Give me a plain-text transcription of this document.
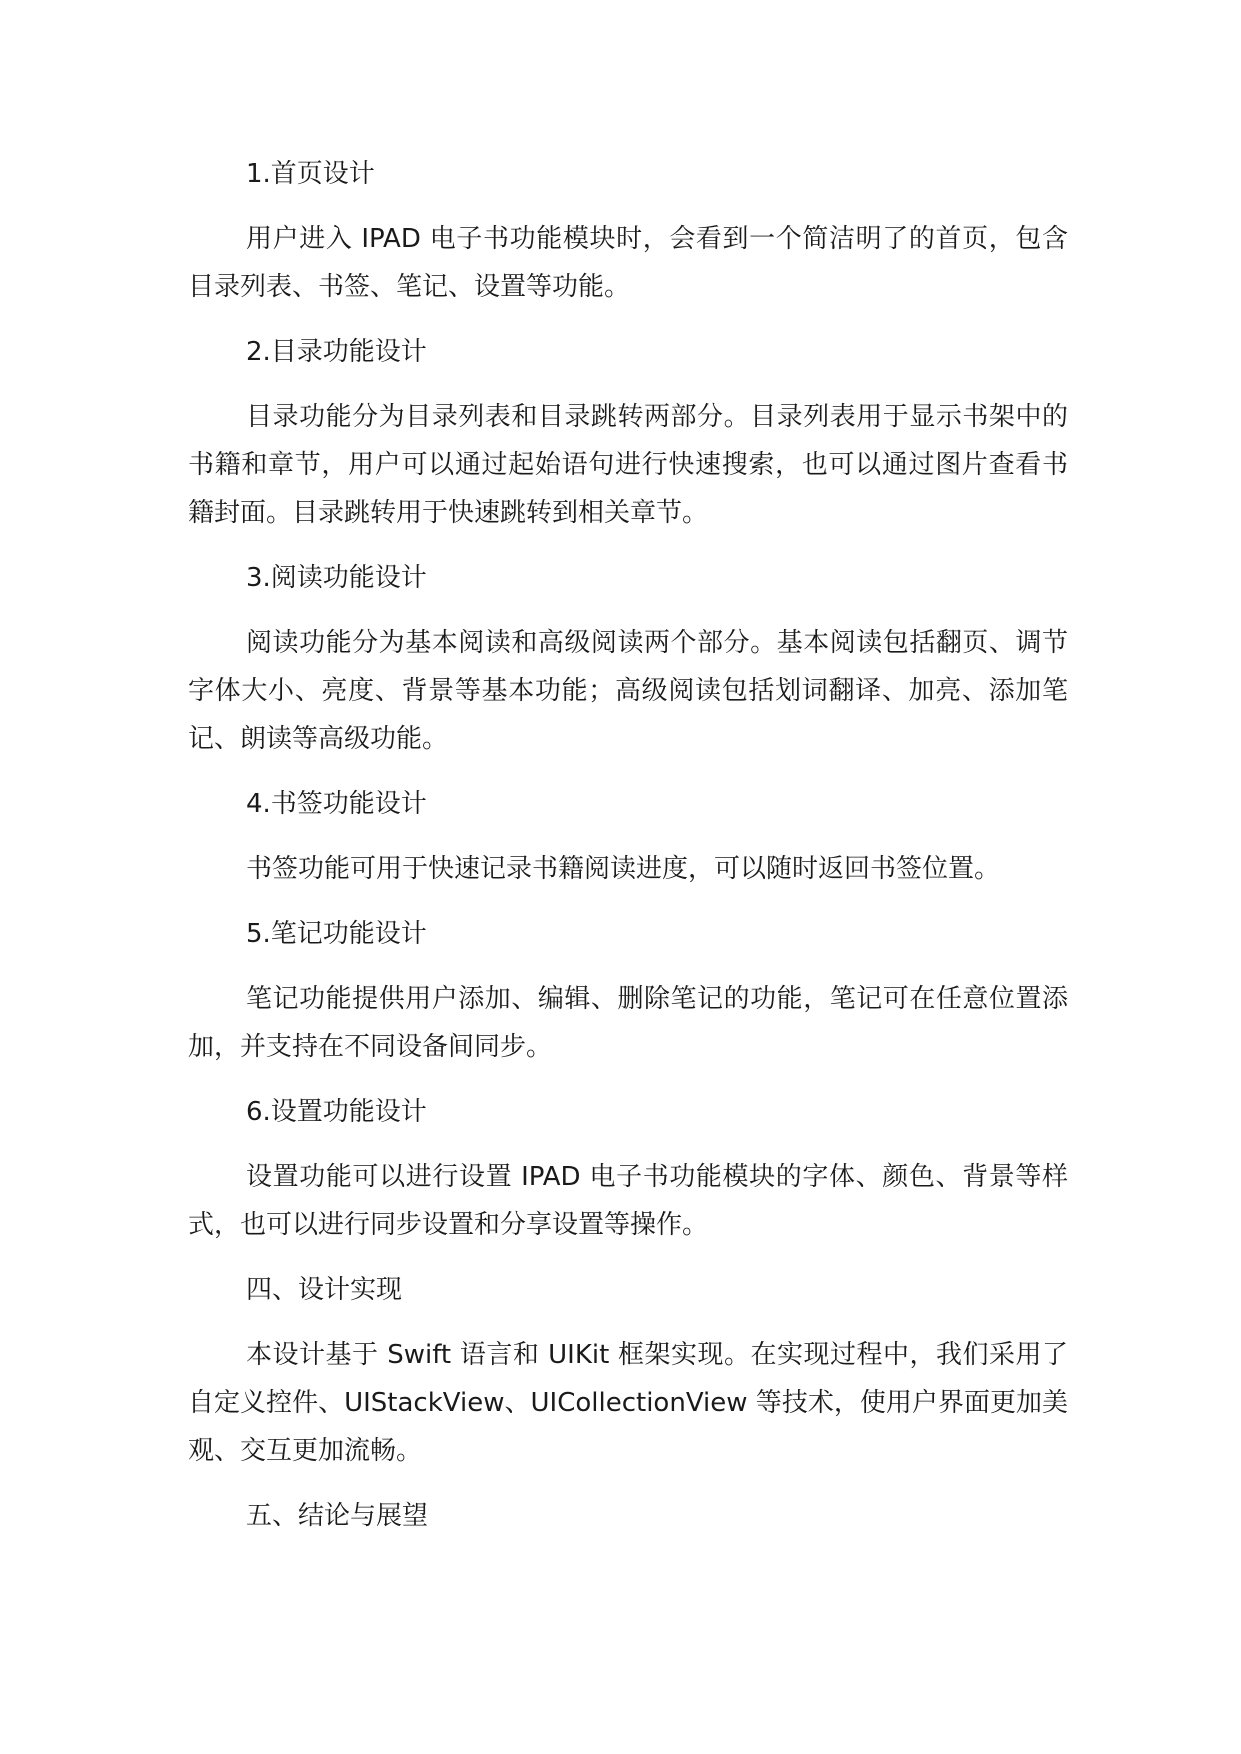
1.首页设计
用户进入 IPAD 电子书功能模块时，会看到一个简洁明了的首页，包含目录列表、书签、笔记、设置等功能。
2.目录功能设计
目录功能分为目录列表和目录跳转两部分。目录列表用于显示书架中的书籍和章节，用户可以通过起始语句进行快速搜索，也可以通过图片查看书籍封面。目录跳转用于快速跳转到相关章节。
3.阅读功能设计
阅读功能分为基本阅读和高级阅读两个部分。基本阅读包括翻页、调节字体大小、亮度、背景等基本功能；高级阅读包括划词翻译、加亮、添加笔记、朗读等高级功能。
4.书签功能设计
书签功能可用于快速记录书籍阅读进度，可以随时返回书签位置。
5.笔记功能设计
笔记功能提供用户添加、编辑、删除笔记的功能，笔记可在任意位置添加，并支持在不同设备间同步。
6.设置功能设计
设置功能可以进行设置 IPAD 电子书功能模块的字体、颜色、背景等样式，也可以进行同步设置和分享设置等操作。
四、设计实现
本设计基于 Swift 语言和 UIKit 框架实现。在实现过程中，我们采用了自定义控件、UIStackView、UICollectionView 等技术，使用户界面更加美观、交互更加流畅。
五、结论与展望
